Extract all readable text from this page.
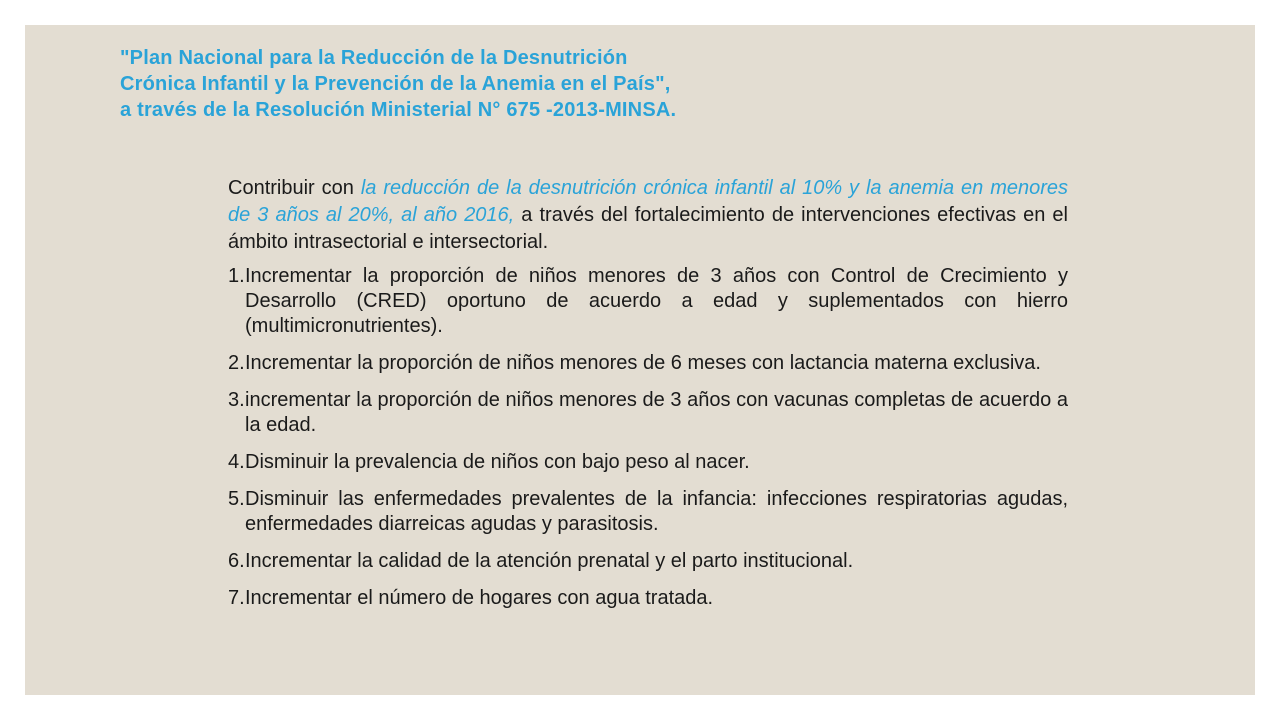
"Plan Nacional para la Reducción de la Desnutrición Crónica Infantil y la Prevención de la Anemia en el País", a través de la Resolución Ministerial N° 675 -2013-MINSA.

Contribuir con la reducción de la desnutrición crónica infantil al 10% y la anemia en menores de 3 años al 20%, al año 2016, a través del fortalecimiento de intervenciones efectivas en el ámbito intrasectorial e intersectorial.

1. Incrementar la proporción de niños menores de 3 años con Control de Crecimiento y Desarrollo (CRED) oportuno de acuerdo a edad y suplementados con hierro (multimicronutrientes).
2. Incrementar la proporción de niños menores de 6 meses con lactancia materna exclusiva.
3. incrementar la proporción de niños menores de 3 años con vacunas completas de acuerdo a la edad.
4. Disminuir la prevalencia de niños con bajo peso al nacer.
5. Disminuir las enfermedades prevalentes de la infancia: infecciones respiratorias agudas, enfermedades diarreicas agudas y parasitosis.
6. Incrementar la calidad de la atención prenatal y el parto institucional.
7. Incrementar el número de hogares con agua tratada.
